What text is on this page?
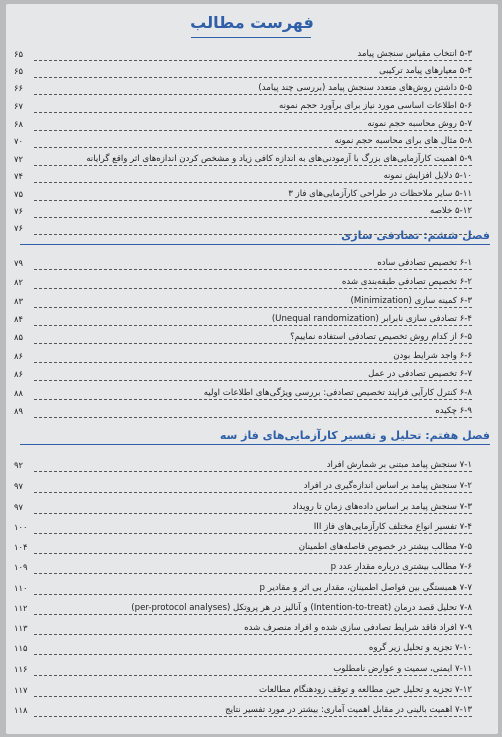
فهرست مطالب
فصل ششم: تصادفی سازی
فصل هفتم: تحلیل و تفسیر کارآزمایی‌های فاز سه
۵-۳ انتخاب مقیاس سنجش پیامد
۶۵
۵-۴ معیارهای پیامد ترکیبی
۶۵
۵-۵ داشتن روش‌های متعدد سنجش پیامد (بررسی چند پیامد)
۶۶
۵-۶ اطلاعات اساسی مورد نیاز برای برآورد حجم نمونه
۶۷
۵-۷ روش محاسبه حجم نمونه
۶۸
۵-۸ مثال های برای محاسبه حجم نمونه
۷۰
۵-۹ اهمیت کارآزمایی‌های بزرگ با آزمودنی‌های به اندازه کافی زیاد و مشخص کردن اندازه‌های اثر واقع گرایانه
۷۲
۵-۱۰ دلایل افزایش نمونه
۷۴
۵-۱۱ سایر ملاحظات در طراحی کارآزمایی‌های فاز ۳
۷۵
۵-۱۲ خلاصه
۷۶
۷۶
۶-۱ تخصیص تصادفی ساده
۷۹
۶-۲ تخصیص تصادفی طبقه‌بندی شده
۸۲
۶-۳ کمینه سازی (Minimization)
۸۳
۶-۴ تصادفی سازی نابرابر (Unequal randomization)
۸۴
۶-۵ از کدام روش تخصیص تصادفی استفاده نماییم؟
۸۵
۶-۶ واجد شرایط بودن
۸۶
۶-۷ تخصیص تصادفی در عمل
۸۶
۶-۸ کنترل کارآیی فرایند تخصیص تصادفی: بررسی ویژگی‌های اطلاعات اولیه
۸۸
۶-۹ چکیده
۸۹
۷-۱ سنجش پیامد مبتنی بر شمارش افراد
۹۲
۷-۲ سنجش پیامد بر اساس اندازه‌گیری در افراد
۹۷
۷-۳ سنجش پیامد بر اساس داده‌های زمان تا رویداد
۹۷
۷-۴ تفسیر انواع مختلف کارآزمایی‌های فاز III
۱۰۰
۷-۵ مطالب بیشتر در خصوص فاصله‌های اطمینان
۱۰۴
۷-۶ مطالب بیشتری درباره مقدار عدد p
۱۰۹
۷-۷ همبستگی بین فواصل اطمینان، مقدار بی اثر و مقادیر p
۱۱۰
۷-۸ تحلیل قصد درمان (Intention-to-treat) و آنالیز در هر پروتکل (per-protocol analyses)
۱۱۲
۷-۹ افراد فاقد شرایط تصادفی سازی شده و افراد منصرف شده
۱۱۳
۷-۱۰ تجزیه و تحلیل زیر گروه
۱۱۵
۷-۱۱ ایمنی، سمیت و عوارض نامطلوب
۱۱۶
۷-۱۲ تجزیه و تحلیل حین مطالعه و توقف زودهنگام مطالعات
۱۱۷
۷-۱۳ اهمیت بالینی در مقابل اهمیت آماری: بیشتر در مورد تفسیر نتایج
۱۱۸
